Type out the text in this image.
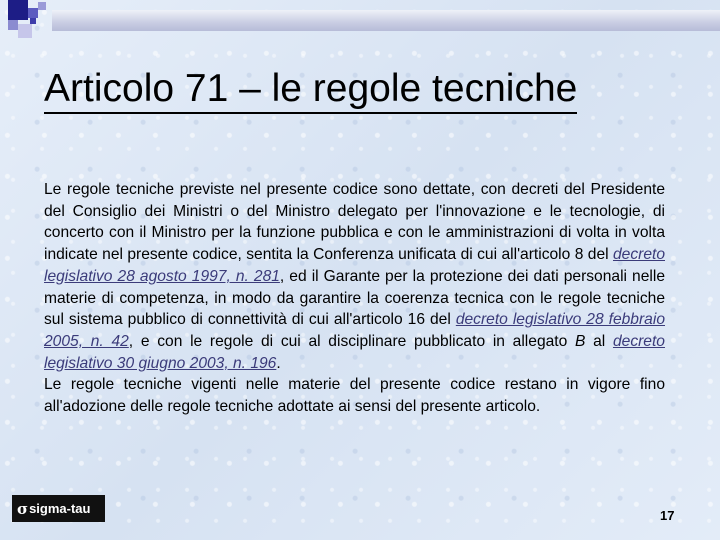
Articolo 71 – le regole tecniche

Le regole tecniche previste nel presente codice sono dettate, con decreti del Presidente del Consiglio dei Ministri o del Ministro delegato per l'innovazione e le tecnologie, di concerto con il Ministro per la funzione pubblica e con le amministrazioni di volta in volta indicate nel presente codice, sentita la Conferenza unificata di cui all'articolo 8 del decreto legislativo 28 agosto 1997, n. 281, ed il Garante per la protezione dei dati personali nelle materie di competenza, in modo da garantire la coerenza tecnica con le regole tecniche sul sistema pubblico di connettività di cui all'articolo 16 del decreto legislativo 28 febbraio 2005, n. 42, e con le regole di cui al disciplinare pubblicato in allegato B al decreto legislativo 30 giugno 2003, n. 196.

Le regole tecniche vigenti nelle materie del presente codice restano in vigore fino all'adozione delle regole tecniche adottate ai sensi del presente articolo.

σ sigma-tau	17
